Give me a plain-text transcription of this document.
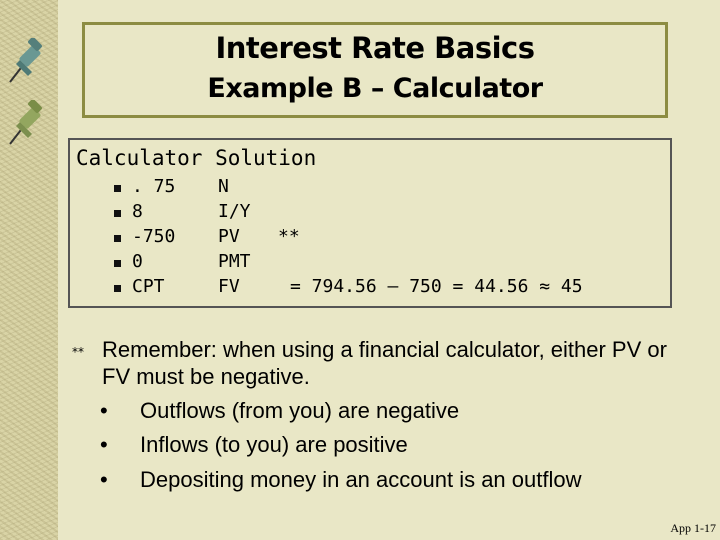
Interest Rate Basics
Example B – Calculator
Calculator Solution
. 75 N
8	I/Y
-750 PV **
0	PMT
CPT	FV	= 794.56 – 750 = 44.56 ≈ 45
** Remember: when using a financial calculator, either PV or FV must be negative.
• Outflows (from you) are negative
• Inflows (to you) are positive
• Depositing money in an account is an outflow
App 1-17
